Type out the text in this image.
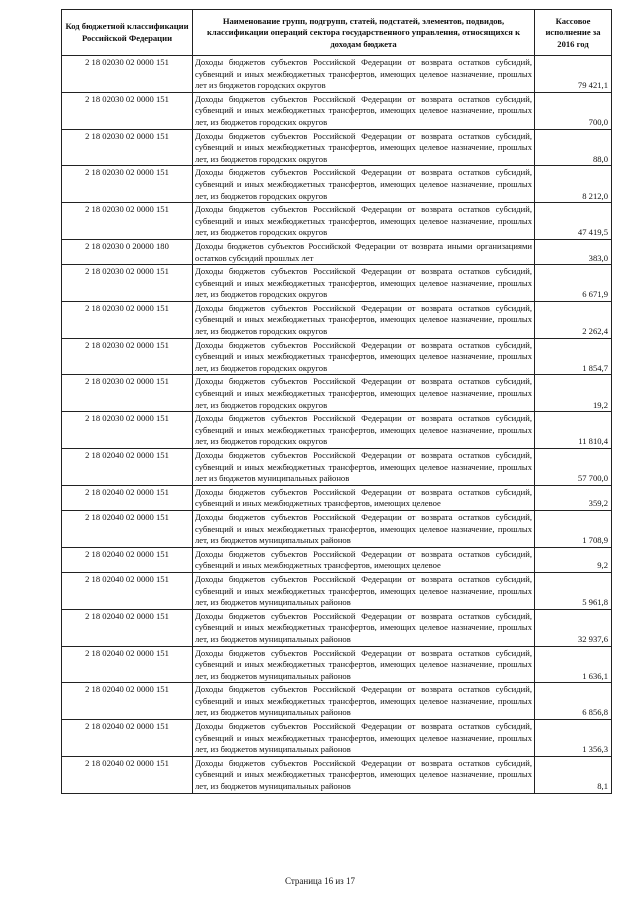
Код бюджетной классификации Российской Федерации	Наименование групп, подгрупп, статей, подстатей, элементов, подвидов, классификации операций сектора государственного управления, относящихся к доходам бюджета	Кассовое исполнение за 2016 год
2 18 02030 02 0000 151	Доходы бюджетов субъектов Российской Федерации от возврата остатков субсидий, субвенций и иных межбюджетных трансфертов, имеющих целевое назначение, прошлых лет из бюджетов городских округов	79 421,1
2 18 02030 02 0000 151	Доходы бюджетов субъектов Российской Федерации от возврата остатков субсидий, субвенций и иных межбюджетных трансфертов, имеющих целевое назначение, прошлых лет, из бюджетов городских округов	700,0
2 18 02030 02 0000 151	Доходы бюджетов субъектов Российской Федерации от возврата остатков субсидий, субвенций и иных межбюджетных трансфертов, имеющих целевое назначение, прошлых лет, из бюджетов городских округов	88,0
2 18 02030 02 0000 151	Доходы бюджетов субъектов Российской Федерации от возврата остатков субсидий, субвенций и иных межбюджетных трансфертов, имеющих целевое назначение, прошлых лет, из бюджетов городских округов	8 212,0
2 18 02030 02 0000 151	Доходы бюджетов субъектов Российской Федерации от возврата остатков субсидий, субвенций и иных межбюджетных трансфертов, имеющих целевое назначение, прошлых лет, из бюджетов городских округов	47 419,5
2 18 02030 0 20000 180	Доходы бюджетов субъектов Российской Федерации от возврата иными организациями остатков субсидий прошлых лет	383,0
2 18 02030 02 0000 151	Доходы бюджетов субъектов Российской Федерации от возврата остатков субсидий, субвенций и иных межбюджетных трансфертов, имеющих целевое назначение, прошлых лет, из бюджетов городских округов	6 671,9
2 18 02030 02 0000 151	Доходы бюджетов субъектов Российской Федерации от возврата остатков субсидий, субвенций и иных межбюджетных трансфертов, имеющих целевое назначение, прошлых лет, из бюджетов городских округов	2 262,4
2 18 02030 02 0000 151	Доходы бюджетов субъектов Российской Федерации от возврата остатков субсидий, субвенций и иных межбюджетных трансфертов, имеющих целевое назначение, прошлых лет, из бюджетов городских округов	1 854,7
2 18 02030 02 0000 151	Доходы бюджетов субъектов Российской Федерации от возврата остатков субсидий, субвенций и иных межбюджетных трансфертов, имеющих целевое назначение, прошлых лет, из бюджетов городских округов	19,2
2 18 02030 02 0000 151	Доходы бюджетов субъектов Российской Федерации от возврата остатков субсидий, субвенций и иных межбюджетных трансфертов, имеющих целевое назначение, прошлых лет, из бюджетов городских округов	11 810,4
2 18 02040 02 0000 151	Доходы бюджетов субъектов Российской Федерации от возврата остатков субсидий, субвенций и иных межбюджетных трансфертов, имеющих целевое назначение, прошлых лет из бюджетов муниципальных районов	57 700,0
2 18 02040 02 0000 151	Доходы бюджетов субъектов Российской Федерации от возврата остатков субсидий, субвенций и иных межбюджетных трансфертов, имеющих целевое	359,2
2 18 02040 02 0000 151	Доходы бюджетов субъектов Российской Федерации от возврата остатков субсидий, субвенций и иных межбюджетных трансфертов, имеющих целевое назначение, прошлых лет, из бюджетов муниципальных районов	1 708,9
2 18 02040 02 0000 151	Доходы бюджетов субъектов Российской Федерации от возврата остатков субсидий, субвенций и иных межбюджетных трансфертов, имеющих целевое	9,2
2 18 02040 02 0000 151	Доходы бюджетов субъектов Российской Федерации от возврата остатков субсидий, субвенций и иных межбюджетных трансфертов, имеющих целевое назначение, прошлых лет, из бюджетов муниципальных районов	5 961,8
2 18 02040 02 0000 151	Доходы бюджетов субъектов Российской Федерации от возврата остатков субсидий, субвенций и иных межбюджетных трансфертов, имеющих целевое назначение, прошлых лет, из бюджетов муниципальных районов	32 937,6
2 18 02040 02 0000 151	Доходы бюджетов субъектов Российской Федерации от возврата остатков субсидий, субвенций и иных межбюджетных трансфертов, имеющих целевое назначение, прошлых лет, из бюджетов муниципальных районов	1 636,1
2 18 02040 02 0000 151	Доходы бюджетов субъектов Российской Федерации от возврата остатков субсидий, субвенций и иных межбюджетных трансфертов, имеющих целевое назначение, прошлых лет, из бюджетов муниципальных районов	6 856,8
2 18 02040 02 0000 151	Доходы бюджетов субъектов Российской Федерации от возврата остатков субсидий, субвенций и иных межбюджетных трансфертов, имеющих целевое назначение, прошлых лет, из бюджетов муниципальных районов	1 356,3
2 18 02040 02 0000 151	Доходы бюджетов субъектов Российской Федерации от возврата остатков субсидий, субвенций и иных межбюджетных трансфертов, имеющих целевое назначение, прошлых лет, из бюджетов муниципальных районов	8,1
Страница 16 из 17
